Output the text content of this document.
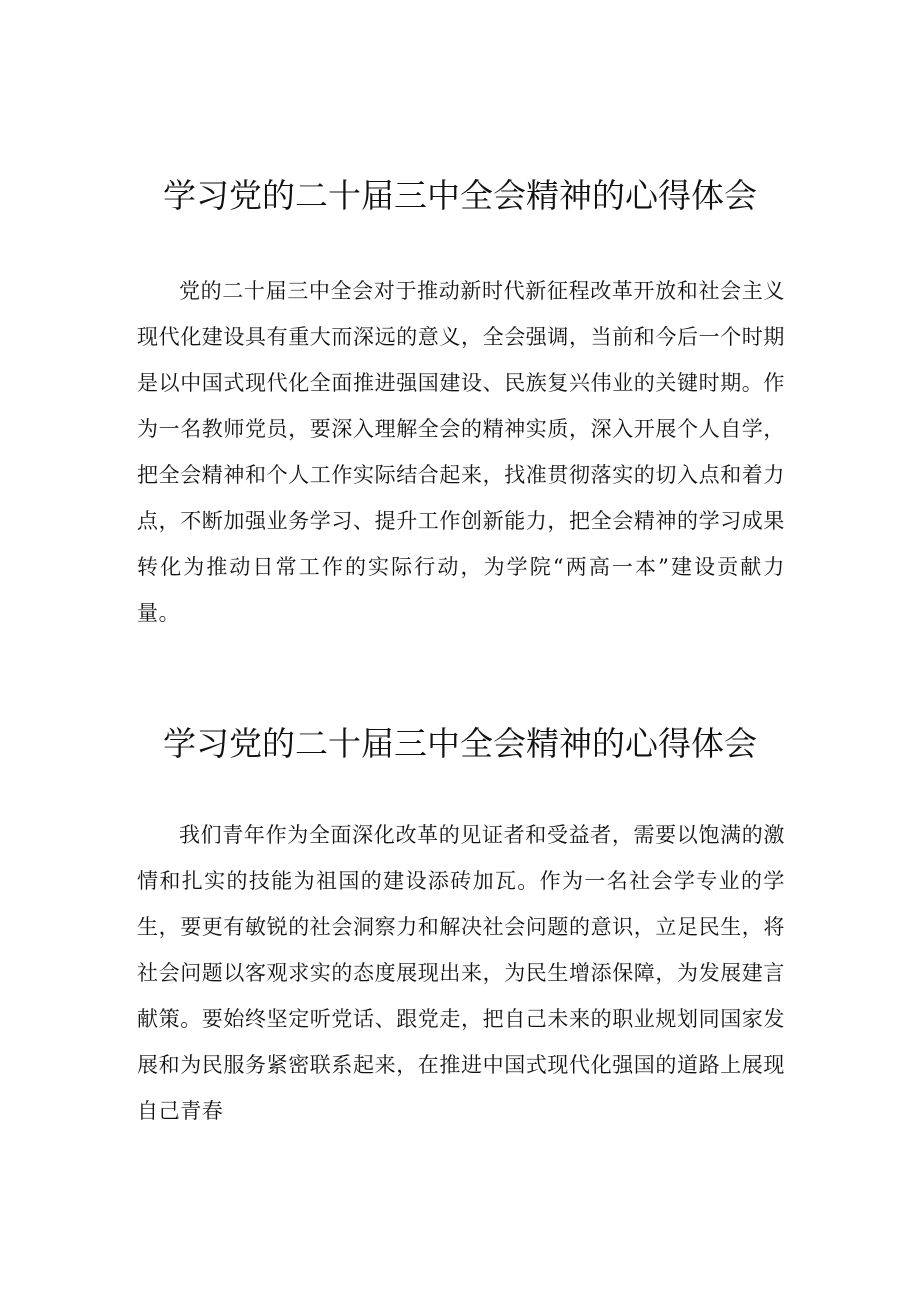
学习党的二十届三中全会精神的心得体会

党的二十届三中全会对于推动新时代新征程改革开放和社会主义现代化建设具有重大而深远的意义，全会强调，当前和今后一个时期是以中国式现代化全面推进强国建设、民族复兴伟业的关键时期。作为一名教师党员，要深入理解全会的精神实质，深入开展个人自学，把全会精神和个人工作实际结合起来，找准贯彻落实的切入点和着力点，不断加强业务学习、提升工作创新能力，把全会精神的学习成果转化为推动日常工作的实际行动，为学院“两高一本”建设贡献力量。

学习党的二十届三中全会精神的心得体会

我们青年作为全面深化改革的见证者和受益者，需要以饱满的激情和扎实的技能为祖国的建设添砖加瓦。作为一名社会学专业的学生，要更有敏锐的社会洞察力和解决社会问题的意识，立足民生，将社会问题以客观求实的态度展现出来，为民生增添保障，为发展建言献策。要始终坚定听党话、跟党走，把自己未来的职业规划同国家发展和为民服务紧密联系起来，在推进中国式现代化强国的道路上展现自己青春
